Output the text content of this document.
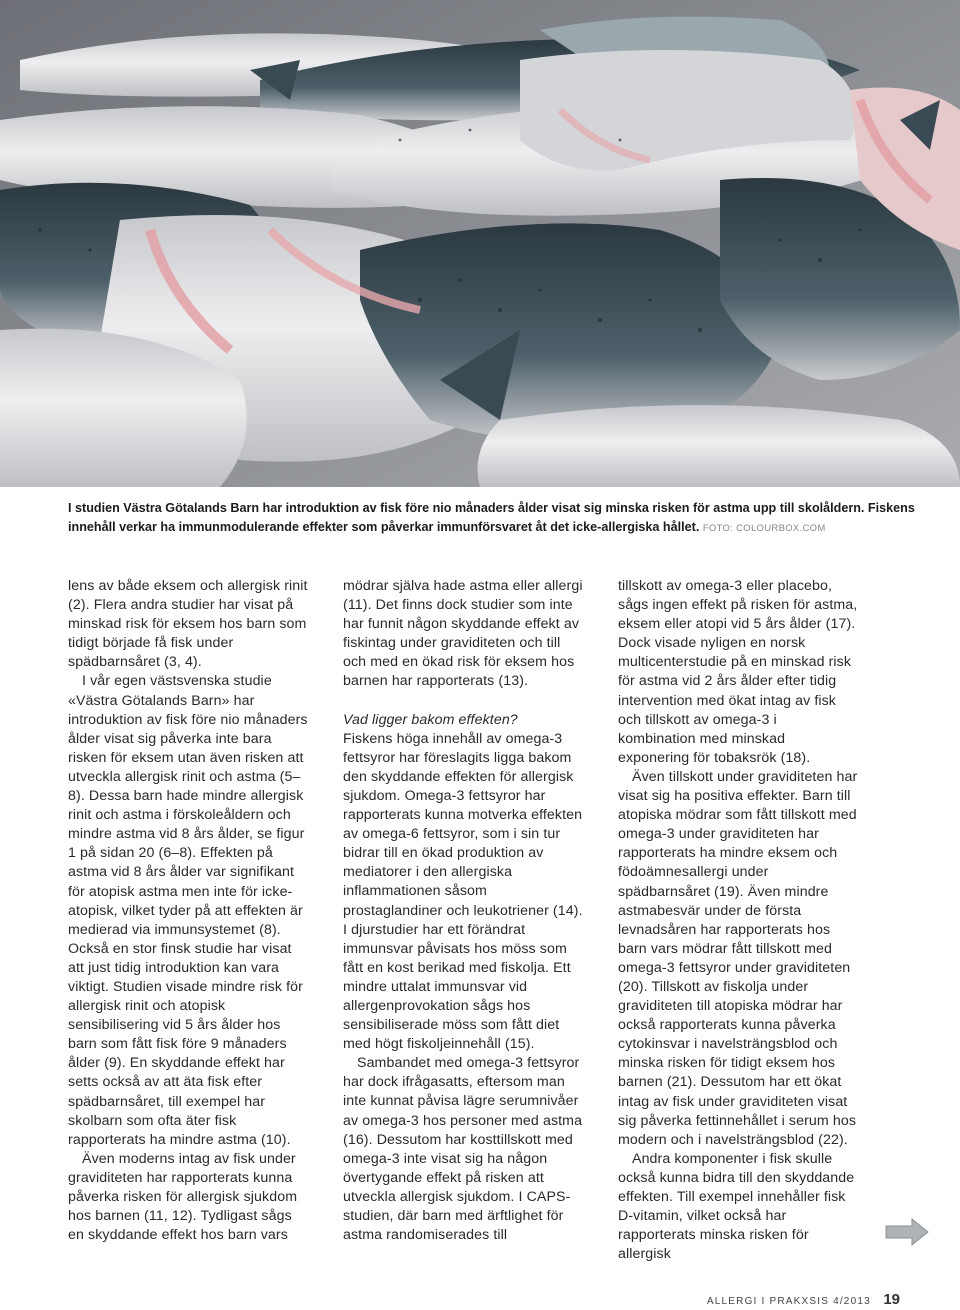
I studien Västra Götalands Barn har introduktion av fisk före nio månaders ålder visat sig minska risken för astma upp till skolåldern. Fiskens innehåll verkar ha immunmodulerande effekter som påverkar immunförsvaret åt det icke-allergiska hållet. FOTO: COLOURBOX.COM

lens av både eksem och allergisk rinit (2). Flera andra studier har visat på minskad risk för eksem hos barn som tidigt började få fisk under spädbarnsåret (3, 4).

I vår egen västsvenska studie «Västra Götalands Barn» har introduktion av fisk före nio månaders ålder visat sig påverka inte bara risken för eksem utan även risken att utveckla allergisk rinit och astma (5–8). Dessa barn hade mindre allergisk rinit och astma i förskoleåldern och mindre astma vid 8 års ålder, se figur 1 på sidan 20 (6–8). Effekten på astma vid 8 års ålder var signifikant för atopisk astma men inte för icke-atopisk, vilket tyder på att effekten är medierad via immunsystemet (8). Också en stor finsk studie har visat att just tidig introduktion kan vara viktigt. Studien visade mindre risk för allergisk rinit och atopisk sensibilisering vid 5 års ålder hos barn som fått fisk före 9 månaders ålder (9). En skyddande effekt har setts också av att äta fisk efter spädbarnsåret, till exempel har skolbarn som ofta äter fisk rapporterats ha mindre astma (10).

Även moderns intag av fisk under graviditeten har rapporterats kunna påverka risken för allergisk sjukdom hos barnen (11, 12). Tydligast sågs en skyddande effekt hos barn vars

mödrar själva hade astma eller allergi (11). Det finns dock studier som inte har funnit någon skyddande effekt av fiskintag under graviditeten och till och med en ökad risk för eksem hos barnen har rapporterats (13).

Vad ligger bakom effekten?

Fiskens höga innehåll av omega-3 fettsyror har föreslagits ligga bakom den skyddande effekten för allergisk sjukdom. Omega-3 fettsyror har rapporterats kunna motverka effekten av omega-6 fettsyror, som i sin tur bidrar till en ökad produktion av mediatorer i den allergiska inflammationen såsom prostaglandiner och leukotriener (14). I djurstudier har ett förändrat immunsvar påvisats hos möss som fått en kost berikad med fiskolja. Ett mindre uttalat immunsvar vid allergenprovokation sågs hos sensibiliserade möss som fått diet med högt fiskoljeinnehåll (15).

Sambandet med omega-3 fettsyror har dock ifrågasatts, eftersom man inte kunnat påvisa lägre serumnivåer av omega-3 hos personer med astma (16). Dessutom har kosttillskott med omega-3 inte visat sig ha någon övertygande effekt på risken att utveckla allergisk sjukdom. I CAPS-studien, där barn med ärftlighet för astma randomiserades till

tillskott av omega-3 eller placebo, sågs ingen effekt på risken för astma, eksem eller atopi vid 5 års ålder (17). Dock visade nyligen en norsk multicenterstudie på en minskad risk för astma vid 2 års ålder efter tidig intervention med ökat intag av fisk och tillskott av omega-3 i kombination med minskad exponering för tobaksrök (18).

Även tillskott under graviditeten har visat sig ha positiva effekter. Barn till atopiska mödrar som fått tillskott med omega-3 under graviditeten har rapporterats ha mindre eksem och födoämnesallergi under spädbarnsåret (19). Även mindre astmabesvär under de första levnadsåren har rapporterats hos barn vars mödrar fått tillskott med omega-3 fettsyror under graviditeten (20). Tillskott av fiskolja under graviditeten till atopiska mödrar har också rapporterats kunna påverka cytokinsvar i navelsträngsblod och minska risken för tidigt eksem hos barnen (21). Dessutom har ett ökat intag av fisk under graviditeten visat sig påverka fettinnehållet i serum hos modern och i navelsträngsblod (22).

Andra komponenter i fisk skulle också kunna bidra till den skyddande effekten. Till exempel innehåller fisk D-vitamin, vilket också har rapporterats minska risken för allergisk

ALLERGI I PRAKXSIS 4/2013 19
